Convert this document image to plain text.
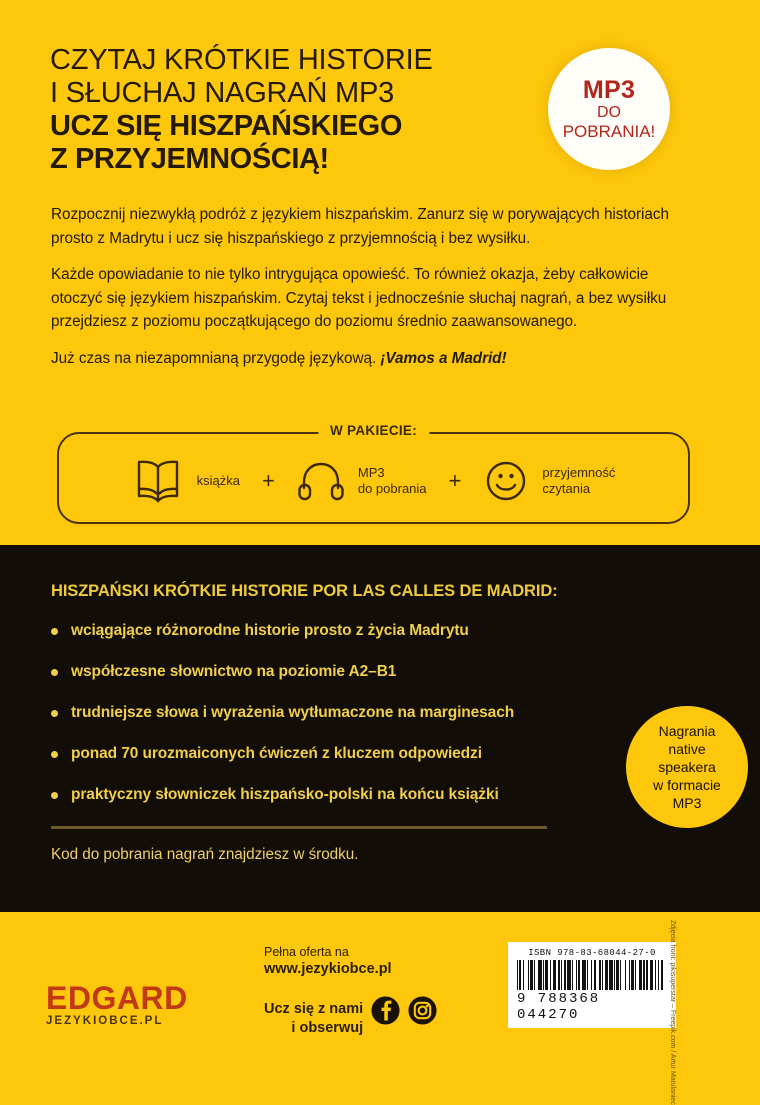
CZYTAJ KRÓTKIE HISTORIE
I SŁUCHAJ NAGRAŃ MP3
UCZ SIĘ HISZPAŃSKIEGO
Z PRZYJEMNOŚCIĄ!
MP3
DO
POBRANIA!

Rozpocznij niezwykłą podróż z językiem hiszpańskim. Zanurz się w porywających historiach prosto z Madrytu i ucz się hiszpańskiego z przyjemnością i bez wysiłku.

Każde opowiadanie to nie tylko intrygująca opowieść. To również okazja, żeby całkowicie otoczyć się językiem hiszpańskim. Czytaj tekst i jednocześnie słuchaj nagrań, a bez wysiłku przejdziesz z poziomu początkującego do poziomu średnio zaawansowanego.

Już czas na niezapomnianą przygodę językową. ¡Vamos a Madrid!

W PAKIECIE:
książka +	MP3
do pobrania +	przyjemność
czytania
HISZPAŃSKI KRÓTKIE HISTORIE POR LAS CALLES DE MADRID:
wciągające różnorodne historie prosto z życia Madrytu
współczesne słownictwo na poziomie A2–B1
trudniejsze słowa i wyrażenia wytłumaczone na marginesach
ponad 70 urozmaiconych ćwiczeń z kluczem odpowiedzi
praktyczny słowniczek hiszpańsko-polski na końcu książki
Kod do pobrania nagrań znajdziesz w środku.
Nagrania
native
speakera
w formacie
MP3
EDGARD
JEZYKIOBCE.PL
Pełna oferta na
www.jezykiobce.pl
Ucz się z nami
i obserwuj
ISBN 978-83-68044-27-0
9 788368 044270	Zdjęcia front: pikisuperstar – Freepik.com / Artur Matulaniec
